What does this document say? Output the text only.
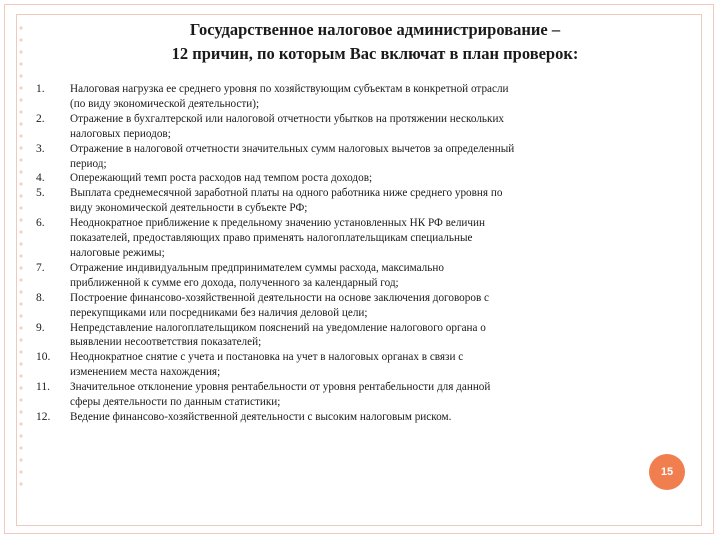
Государственное налоговое администрирование –
12 причин, по которым Вас включат в план проверок:
1.	Налоговая нагрузка ее среднего уровня по хозяйствующим субъектам в конкретной отрасли
(по виду экономической деятельности);
2.	Отражение в бухгалтерской или налоговой отчетности убытков на протяжении нескольких
налоговых периодов;
3.	Отражение в налоговой отчетности значительных сумм налоговых вычетов за определенный
период;
4.	Опережающий темп роста расходов над темпом роста доходов;
5.	Выплата среднемесячной заработной платы на одного работника ниже среднего уровня по
виду экономической деятельности в субъекте РФ;
6.	Неоднократное приближение к предельному значению установленных НК РФ величин
показателей, предоставляющих право применять налогоплательщикам специальные
налоговые режимы;
7.	Отражение индивидуальным предпринимателем суммы расхода, максимально
приближенной к сумме его дохода, полученного за календарный год;
8.	Построение финансово-хозяйственной деятельности на основе заключения договоров с
перекупщиками или посредниками без наличия деловой цели;
9.	Непредставление налогоплательщиком пояснений на уведомление налогового органа о
выявлении несоответствия показателей;
10.	Неоднократное снятие с учета и постановка на учет в налоговых органах в связи с
изменением места нахождения;
11.	Значительное отклонение уровня рентабельности от уровня рентабельности для данной
сферы деятельности по данным статистики;
12.	Ведение финансово-хозяйственной деятельности с высоким налоговым риском.
15
